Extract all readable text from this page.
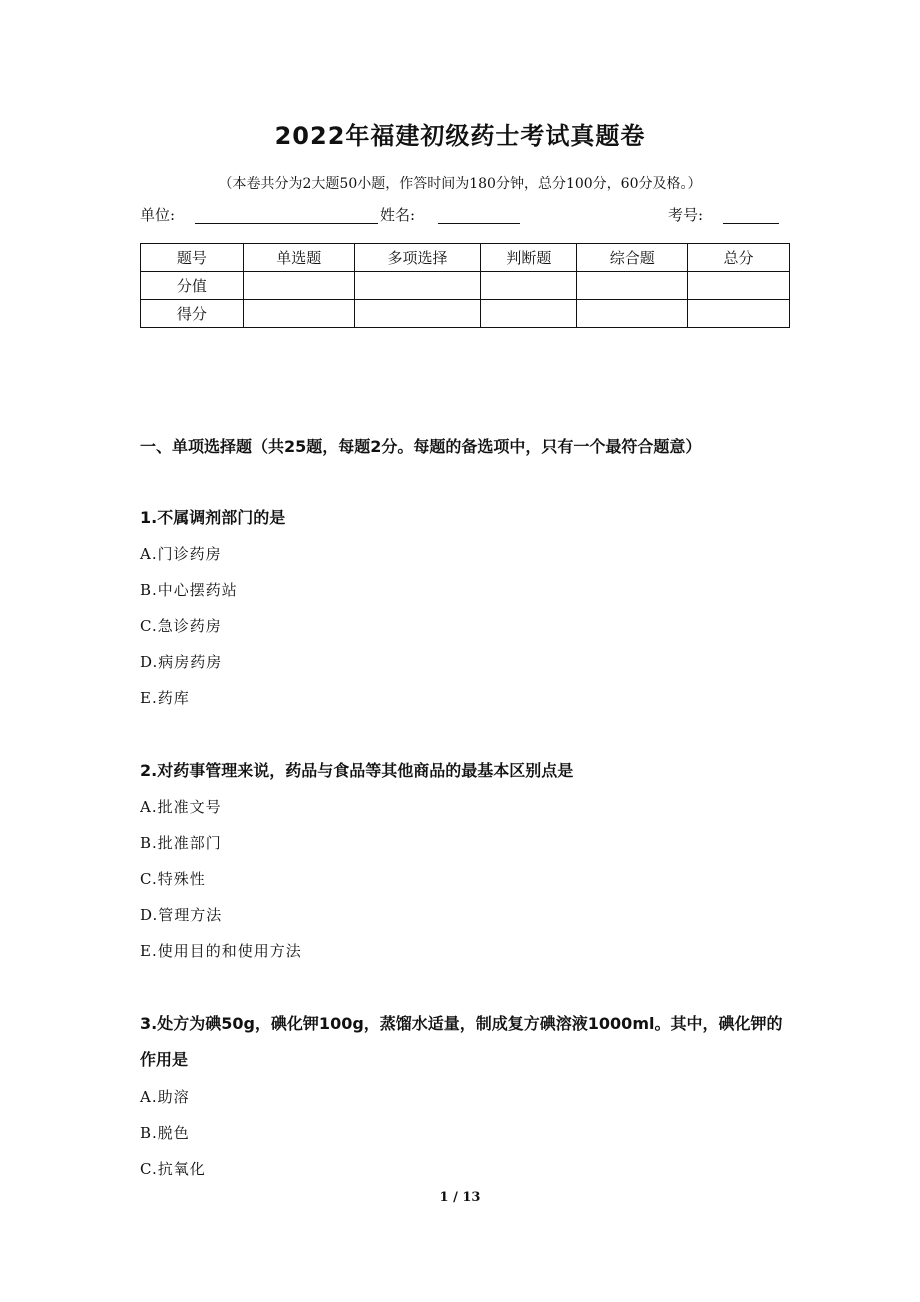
2022年福建初级药士考试真题卷
（本卷共分为2大题50小题，作答时间为180分钟，总分100分，60分及格。）
单位:	姓名:	考号:
题号	单选题	多项选择	判断题	综合题	总分
分值					
得分					
一、单项选择题（共25题，每题2分。每题的备选项中，只有一个最符合题意）
1.不属调剂部门的是
A.门诊药房
B.中心摆药站
C.急诊药房
D.病房药房
E.药库
2.对药事管理来说，药品与食品等其他商品的最基本区别点是
A.批准文号
B.批准部门
C.特殊性
D.管理方法
E.使用目的和使用方法
3.处方为碘50g，碘化钾100g，蒸馏水适量，制成复方碘溶液1000ml。其中，碘化钾的作用是
A.助溶
B.脱色
C.抗氧化
1 / 13
